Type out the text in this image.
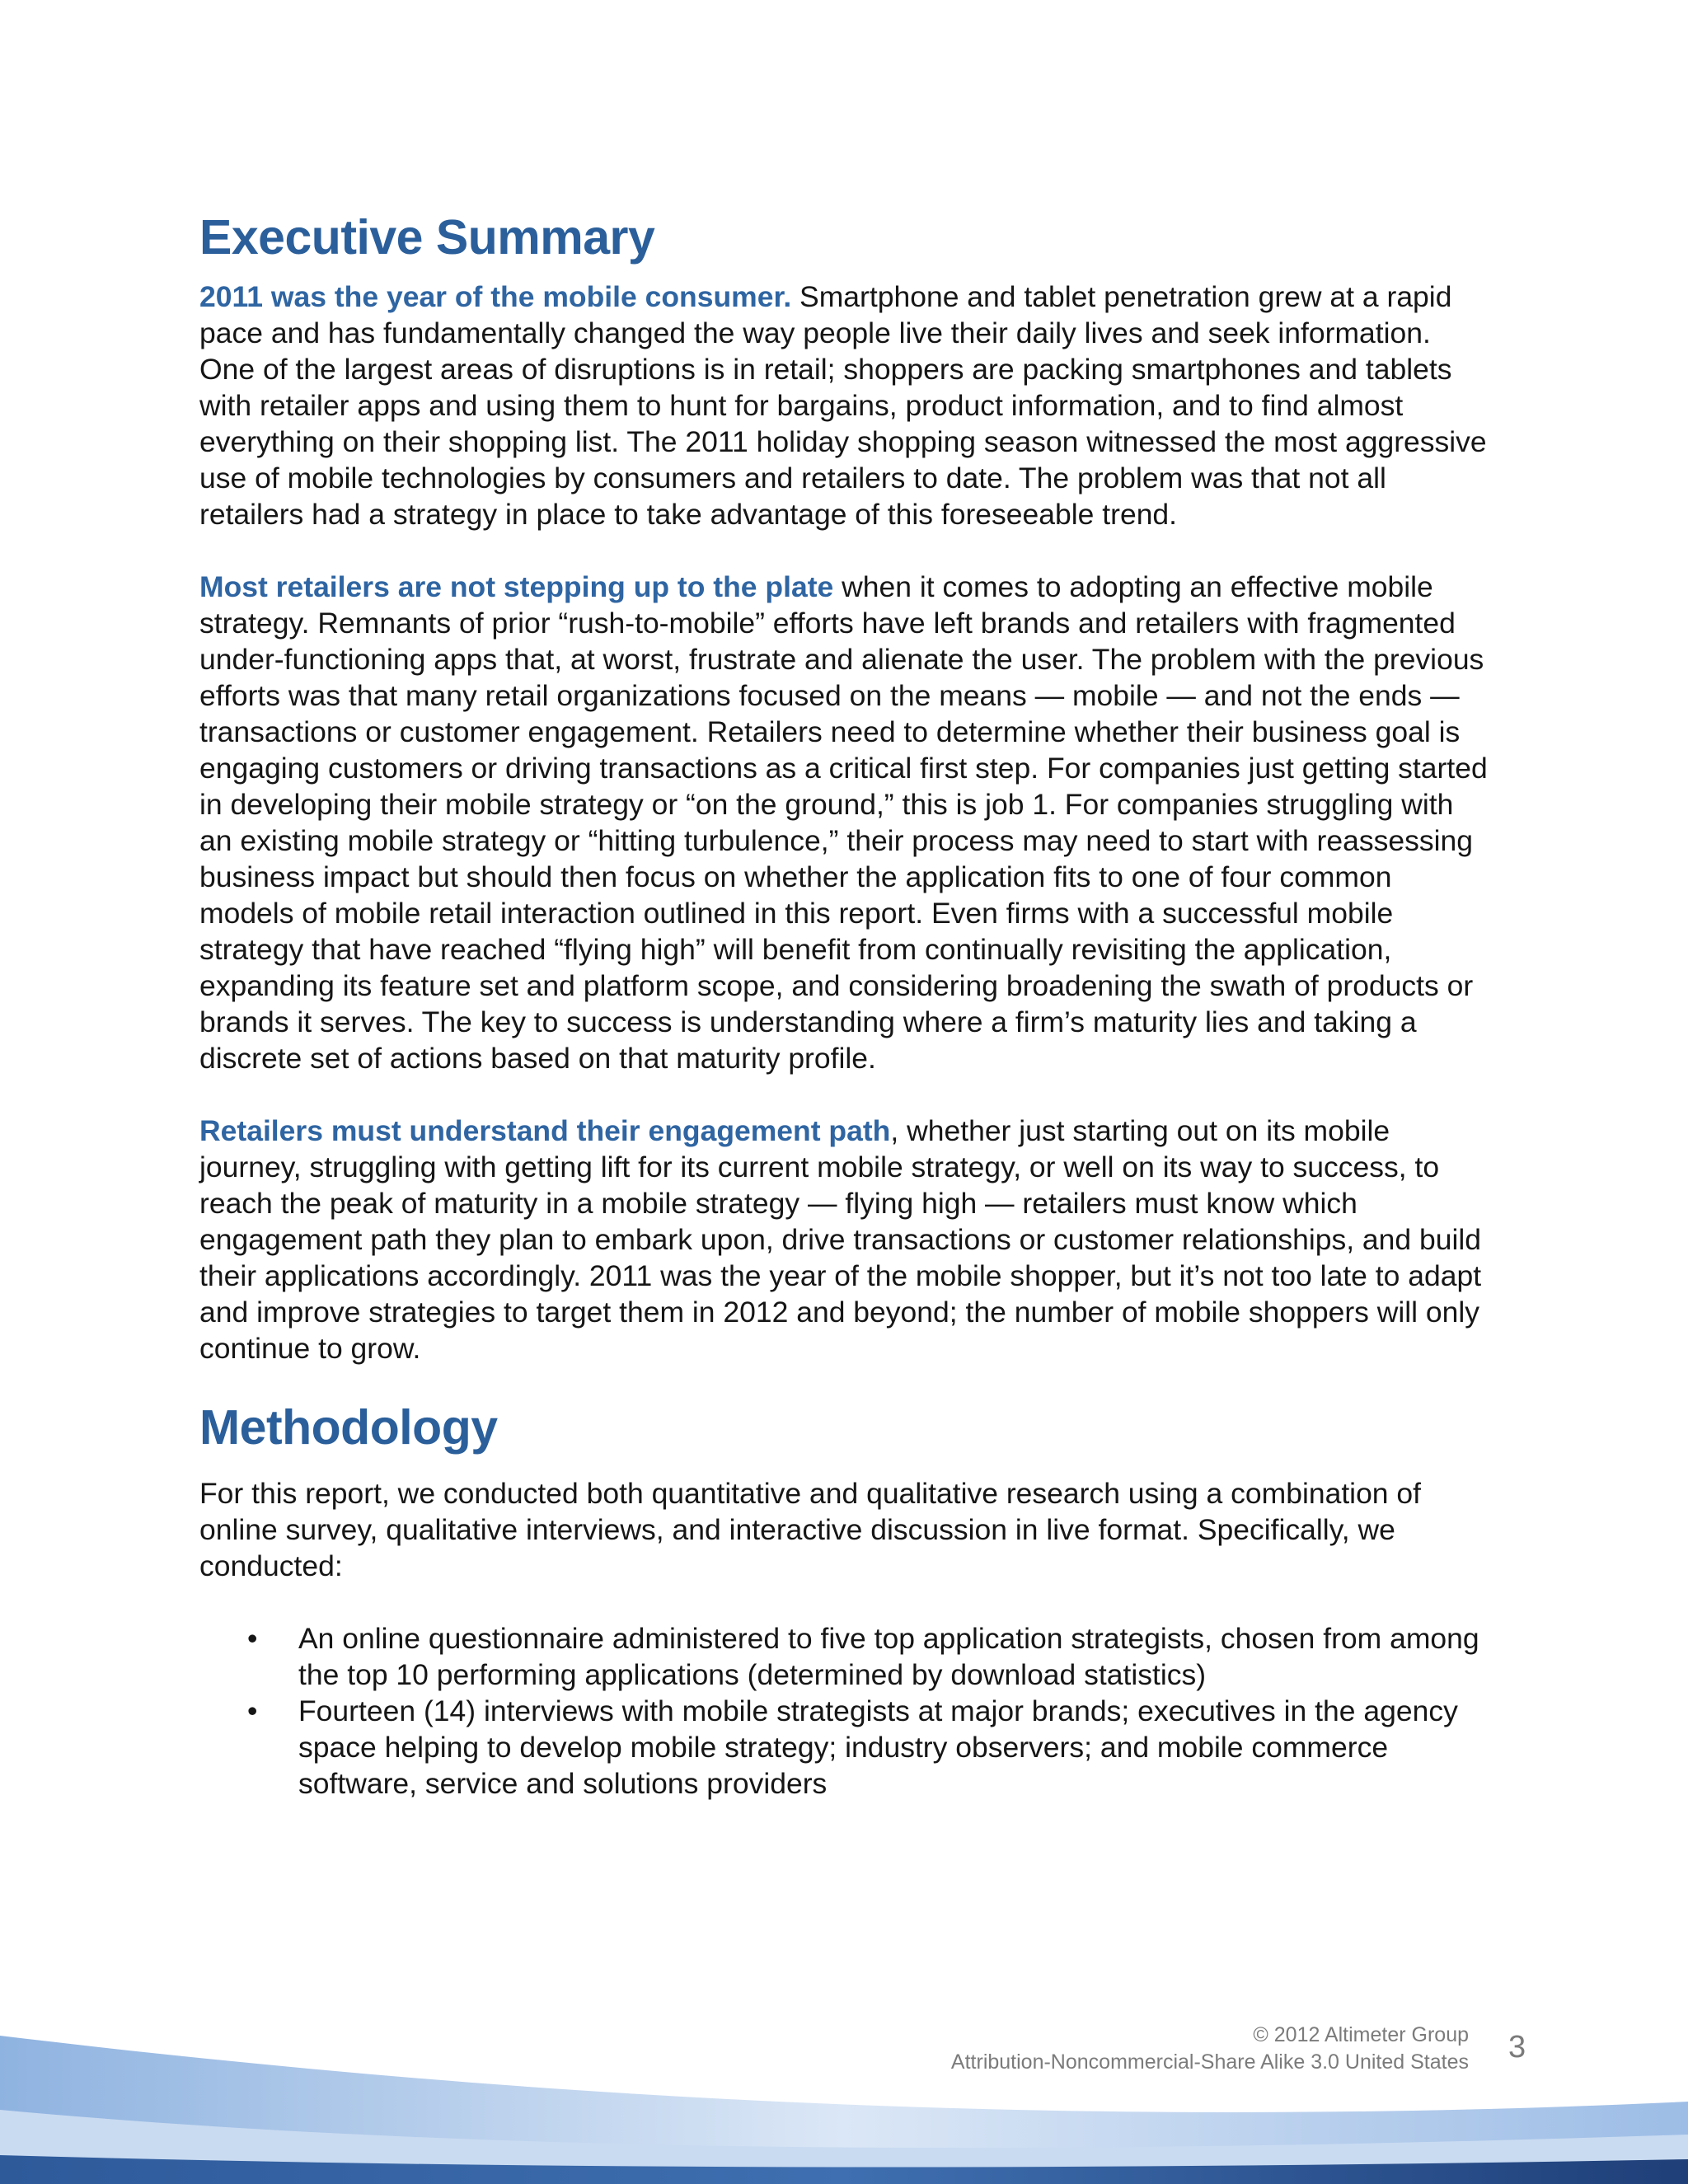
Executive Summary

2011 was the year of the mobile consumer. Smartphone and tablet penetration grew at a rapid pace and has fundamentally changed the way people live their daily lives and seek information. One of the largest areas of disruptions is in retail; shoppers are packing smartphones and tablets with retailer apps and using them to hunt for bargains, product information, and to find almost everything on their shopping list. The 2011 holiday shopping season witnessed the most aggressive use of mobile technologies by consumers and retailers to date. The problem was that not all retailers had a strategy in place to take advantage of this foreseeable trend.

Most retailers are not stepping up to the plate when it comes to adopting an effective mobile strategy. Remnants of prior “rush-to-mobile” efforts have left brands and retailers with fragmented under-functioning apps that, at worst, frustrate and alienate the user. The problem with the previous efforts was that many retail organizations focused on the means — mobile — and not the ends — transactions or customer engagement. Retailers need to determine whether their business goal is engaging customers or driving transactions as a critical first step. For companies just getting started in developing their mobile strategy or “on the ground,” this is job 1. For companies struggling with an existing mobile strategy or “hitting turbulence,” their process may need to start with reassessing business impact but should then focus on whether the application fits to one of four common models of mobile retail interaction outlined in this report. Even firms with a successful mobile strategy that have reached “flying high” will benefit from continually revisiting the application, expanding its feature set and platform scope, and considering broadening the swath of products or brands it serves. The key to success is understanding where a firm’s maturity lies and taking a discrete set of actions based on that maturity profile.

Retailers must understand their engagement path, whether just starting out on its mobile journey, struggling with getting lift for its current mobile strategy, or well on its way to success, to reach the peak of maturity in a mobile strategy — flying high — retailers must know which engagement path they plan to embark upon, drive transactions or customer relationships, and build their applications accordingly. 2011 was the year of the mobile shopper, but it’s not too late to adapt and improve strategies to target them in 2012 and beyond; the number of mobile shoppers will only continue to grow.

Methodology

For this report, we conducted both quantitative and qualitative research using a combination of online survey, qualitative interviews, and interactive discussion in live format. Specifically, we conducted:

• An online questionnaire administered to five top application strategists, chosen from among the top 10 performing applications (determined by download statistics)
• Fourteen (14) interviews with mobile strategists at major brands; executives in the agency space helping to develop mobile strategy; industry observers; and mobile commerce software, service and solutions providers
© 2012 Altimeter Group
Attribution-Noncommercial-Share Alike 3.0 United States 3
